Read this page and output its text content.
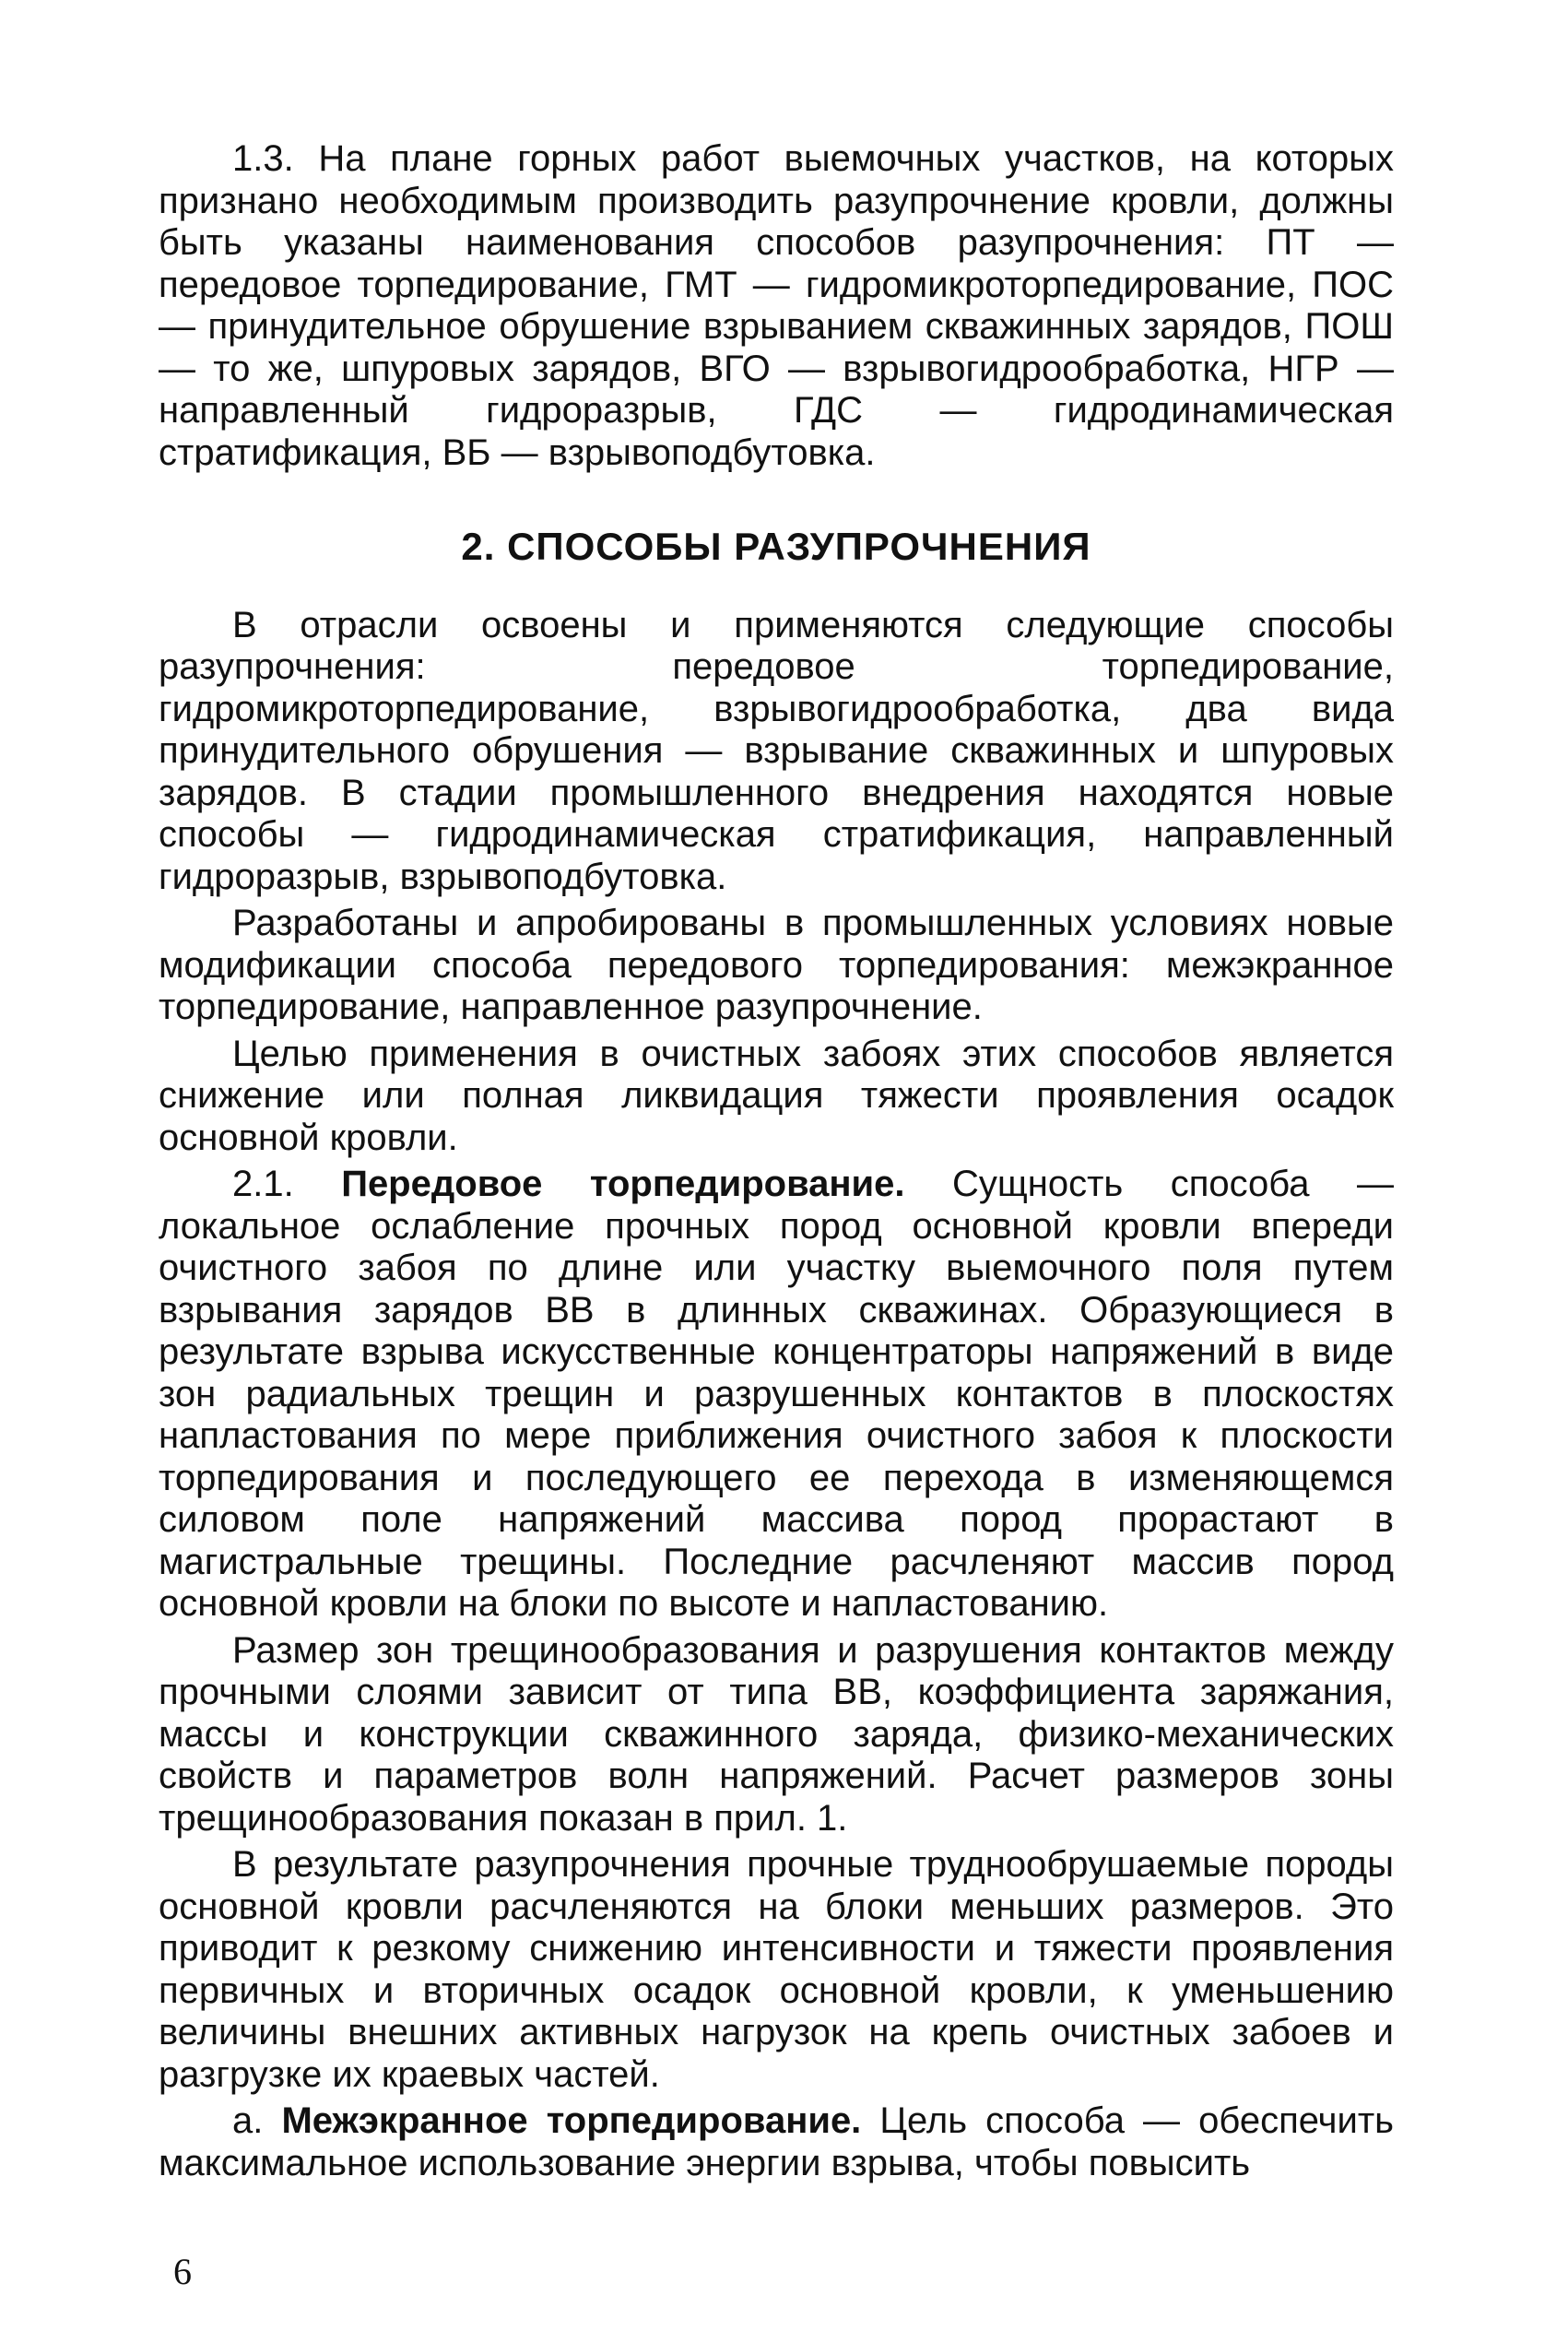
1.3. На плане горных работ выемочных участков, на которых признано необходимым производить разупрочнение кровли, должны быть указаны наименования способов разупрочнения: ПТ — передовое торпедирование, ГМТ — гидромикроторпедирование, ПОС — принудительное обрушение взрыванием скважинных зарядов, ПОШ — то же, шпуровых зарядов, ВГО — взрывогидрообработка, НГР — направленный гидроразрыв, ГДС — гидродинамическая стратификация, ВБ — взрывоподбутовка.

2. СПОСОБЫ РАЗУПРОЧНЕНИЯ

В отрасли освоены и применяются следующие способы разупрочнения: передовое торпедирование, гидромикроторпедирование, взрывогидрообработка, два вида принудительного обрушения — взрывание скважинных и шпуровых зарядов. В стадии промышленного внедрения находятся новые способы — гидродинамическая стратификация, направленный гидроразрыв, взрывоподбутовка.

Разработаны и апробированы в промышленных условиях новые модификации способа передового торпедирования: межэкранное торпедирование, направленное разупрочнение.

Целью применения в очистных забоях этих способов является снижение или полная ликвидация тяжести проявления осадок основной кровли.

2.1. Передовое торпедирование. Сущность способа — локальное ослабление прочных пород основной кровли впереди очистного забоя по длине или участку выемочного поля путем взрывания зарядов ВВ в длинных скважинах. Образующиеся в результате взрыва искусственные концентраторы напряжений в виде зон радиальных трещин и разрушенных контактов в плоскостях напластования по мере приближения очистного забоя к плоскости торпедирования и последующего ее перехода в изменяющемся силовом поле напряжений массива пород прорастают в магистральные трещины. Последние расчленяют массив пород основной кровли на блоки по высоте и напластованию.

Размер зон трещинообразования и разрушения контактов между прочными слоями зависит от типа ВВ, коэффициента заряжания, массы и конструкции скважинного заряда, физико-механических свойств и параметров волн напряжений. Расчет размеров зоны трещинообразования показан в прил. 1.

В результате разупрочнения прочные труднообрушаемые породы основной кровли расчленяются на блоки меньших размеров. Это приводит к резкому снижению интенсивности и тяжести проявления первичных и вторичных осадок основной кровли, к уменьшению величины внешних активных нагрузок на крепь очистных забоев и разгрузке их краевых частей.

а. Межэкранное торпедирование. Цель способа — обеспечить максимальное использование энергии взрыва, чтобы повысить

6
